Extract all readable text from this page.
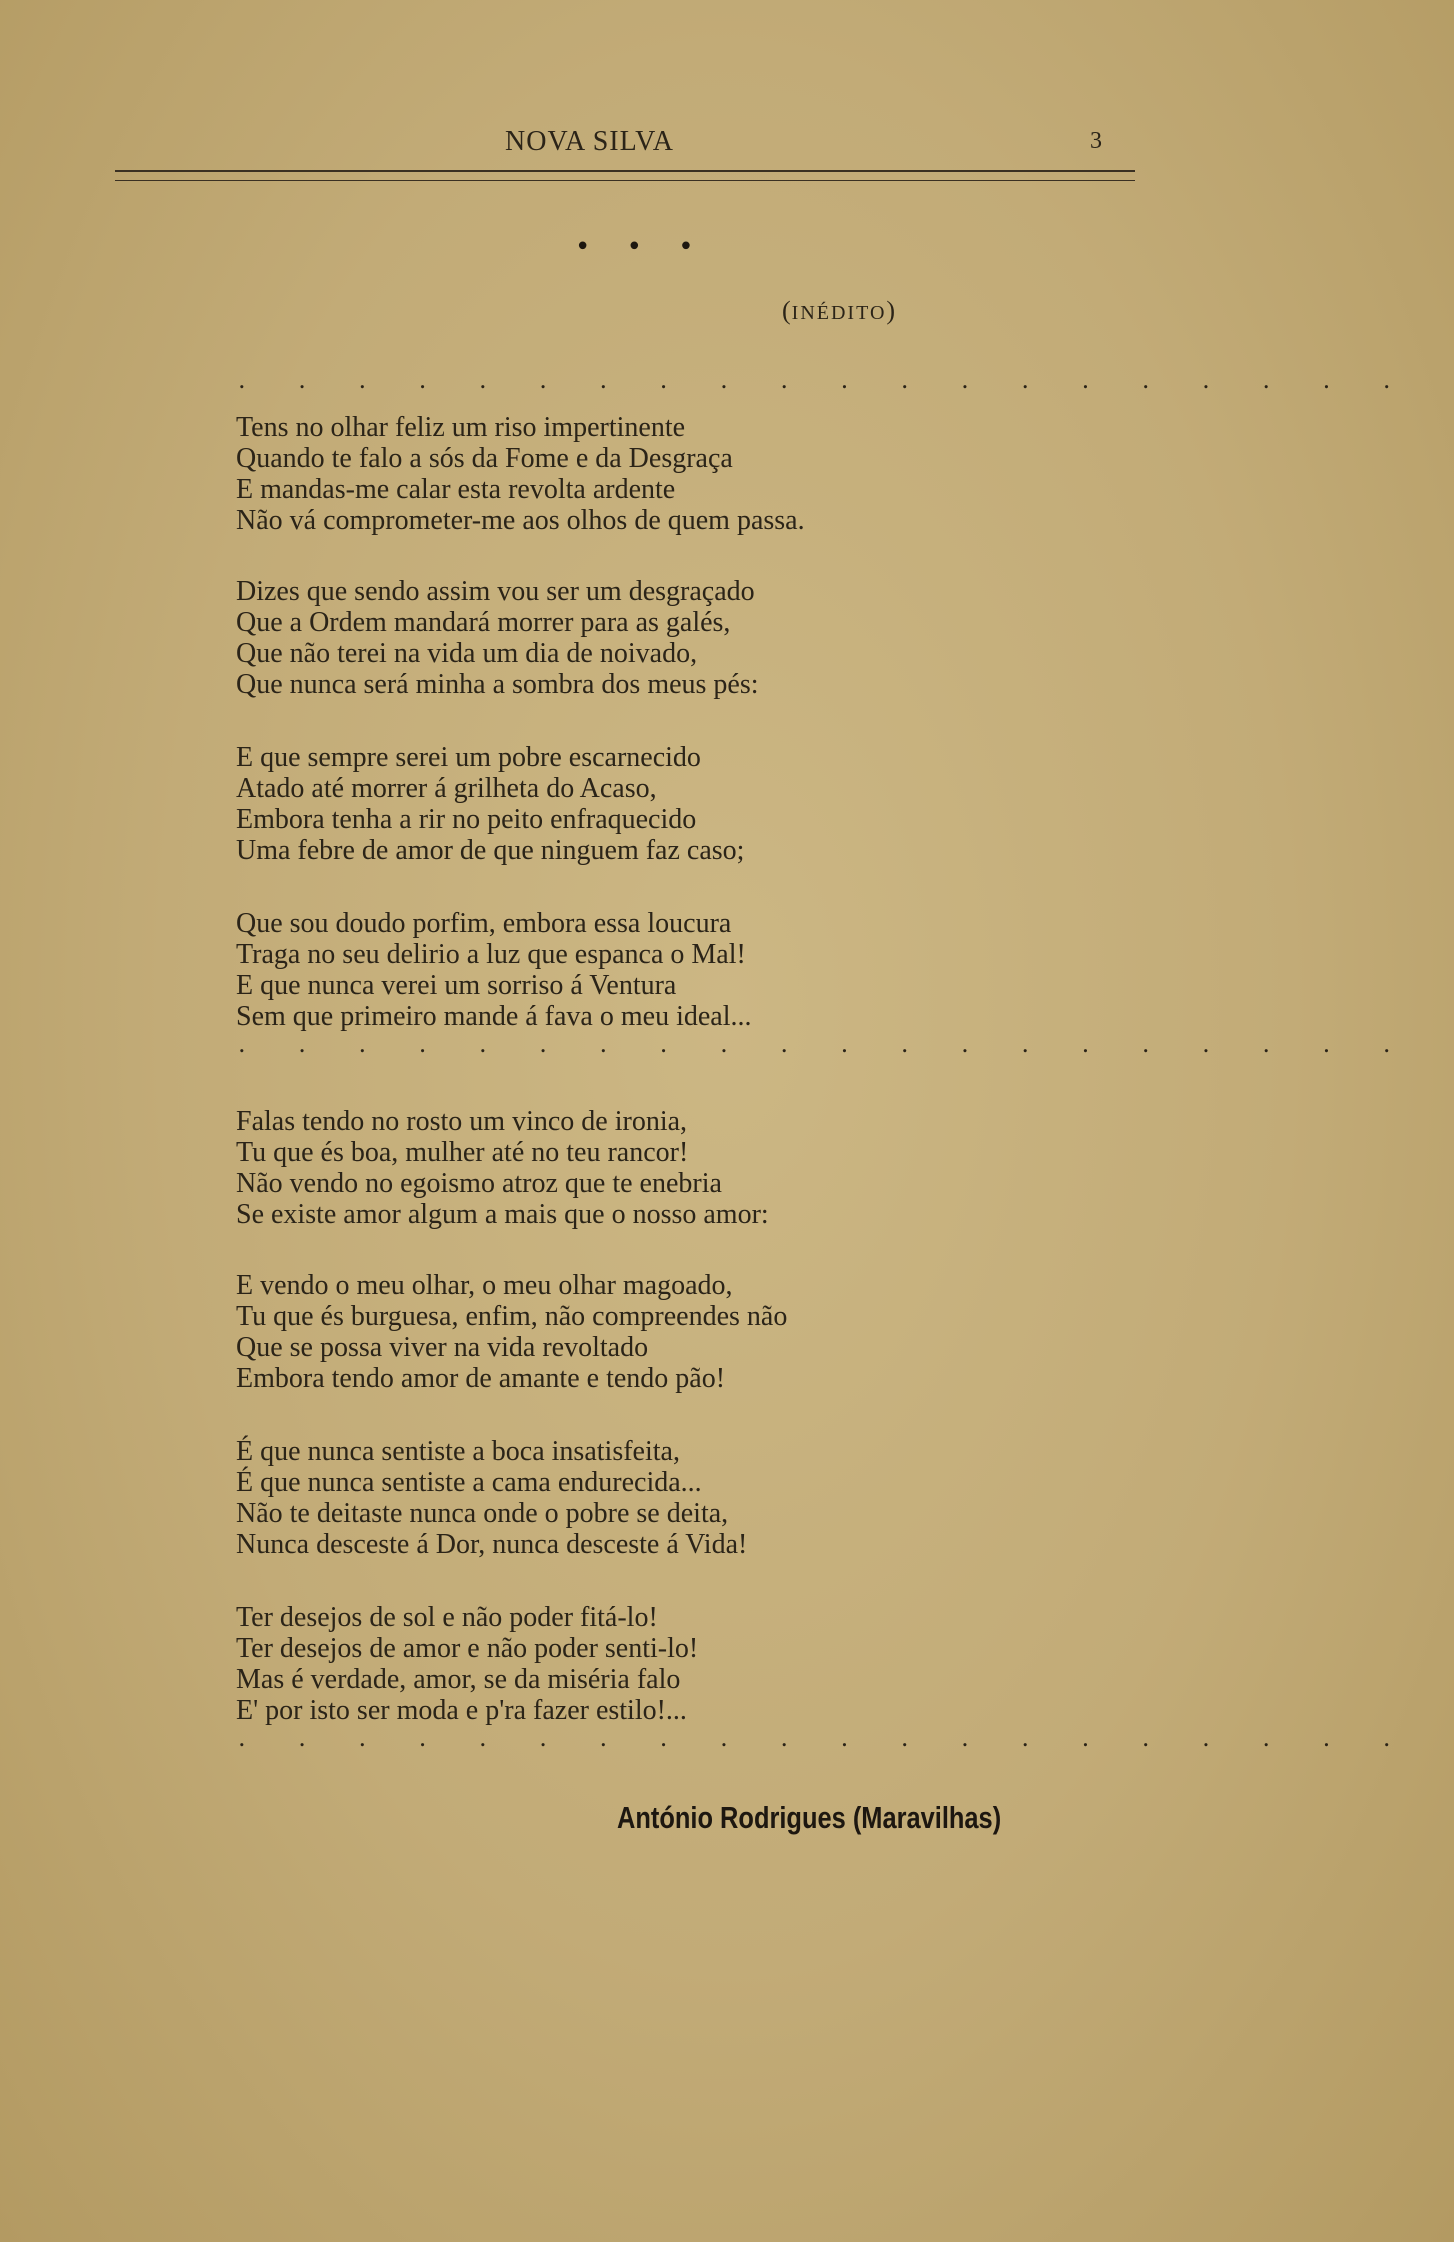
NOVA SILVA	3
• • •
(INÉDITO)
. . . . . . . . . . . . . . . . . . . .
Tens no olhar feliz um riso impertinente
Quando te falo a sós da Fome e da Desgraça
E mandas-me calar esta revolta ardente
Não vá comprometer-me aos olhos de quem passa.
Dizes que sendo assim vou ser um desgraçado
Que a Ordem mandará morrer para as galés,
Que não terei na vida um dia de noivado,
Que nunca será minha a sombra dos meus pés:
E que sempre serei um pobre escarnecido
Atado até morrer á grilheta do Acaso,
Embora tenha a rir no peito enfraquecido
Uma febre de amor de que ninguem faz caso;
Que sou doudo porfim, embora essa loucura
Traga no seu delirio a luz que espanca o Mal!
E que nunca verei um sorriso á Ventura
Sem que primeiro mande á fava o meu ideal...
. . . . . . . . . . . . . . . . . . . .
Falas tendo no rosto um vinco de ironia,
Tu que és boa, mulher até no teu rancor!
Não vendo no egoismo atroz que te enebria
Se existe amor algum a mais que o nosso amor:
E vendo o meu olhar, o meu olhar magoado,
Tu que és burguesa, enfim, não compreendes não
Que se possa viver na vida revoltado
Embora tendo amor de amante e tendo pão!
É que nunca sentiste a boca insatisfeita,
É que nunca sentiste a cama endurecida...
Não te deitaste nunca onde o pobre se deita,
Nunca desceste á Dor, nunca desceste á Vida!
Ter desejos de sol e não poder fitá-lo!
Ter desejos de amor e não poder senti-lo!
Mas é verdade, amor, se da miséria falo
E' por isto ser moda e p'ra fazer estilo!...
. . . . . . . . . . . . . . . . . . . .
António Rodrigues (Maravilhas)
